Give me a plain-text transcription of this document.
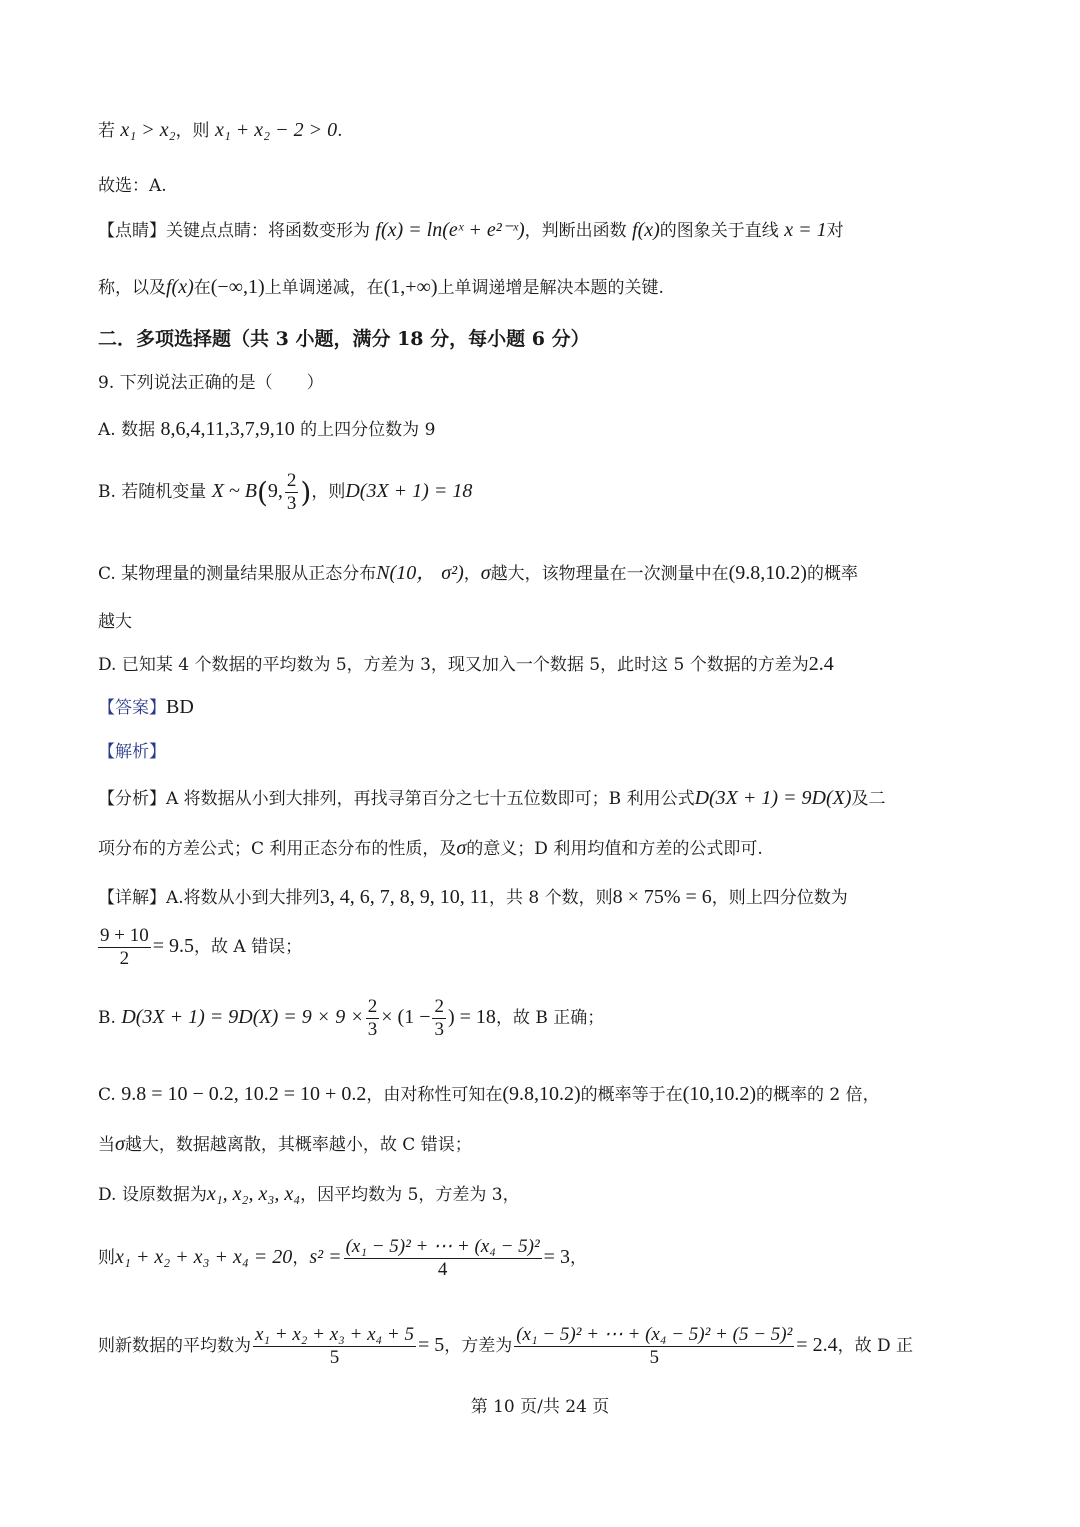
若 x₁ > x₂，则 x₁ + x₂ − 2 > 0.
故选：A.
【点睛】关键点点睛：将函数变形为 f(x) = ln(eˣ + e²⁻ˣ)，判断出函数 f(x)的图象关于直线 x = 1对
称，以及f(x)在(−∞,1)上单调递减，在(1,+∞)上单调递增是解决本题的关键.
二．多项选择题（共 3 小题，满分 18 分，每小题 6 分）
9. 下列说法正确的是（　　）
A. 数据 8,6,4,11,3,7,9,10 的上四分位数为 9
B. 若随机变量 X ~ B(9, $\frac{2}{3}$ )，则D(3X + 1) = 18
C. 某物理量的测量结果服从正态分布N(10， σ²)，σ越大，该物理量在一次测量中在(9.8,10.2)的概率
越大
D. 已知某 4 个数据的平均数为 5，方差为 3，现又加入一个数据 5，此时这 5 个数据的方差为2.4
【答案】BD
【解析】
【分析】A 将数据从小到大排列，再找寻第百分之七十五位数即可；B 利用公式D(3X + 1) = 9D(X)及二
项分布的方差公式；C 利用正态分布的性质，及σ的意义；D 利用均值和方差的公式即可.
【详解】A.将数从小到大排列3, 4, 6, 7, 8, 9, 10, 11，共 8 个数，则8 × 75% = 6，则上四分位数为
$\frac{9 + 10}{2} = 9.5$，故 A 错误；
B. $D(3X + 1) = 9D(X) = 9 \times 9 \times \frac{2}{3} \times (1 - \frac{2}{3}$ ) = 18，故 B 正确；
C. 9.8 = 10 − 0.2, 10.2 = 10 + 0.2，由对称性可知在(9.8,10.2)的概率等于在(10,10.2)的概率的 2 倍，
当σ越大，数据越离散，其概率越小，故 C 错误；
D. 设原数据为x₁, x₂, x₃, x₄，因平均数为 5，方差为 3，
则x₁ + x₂ + x₃ + x₄ = 20，$s^2 = \frac{\text{(x₁ − 5)² + ⋯ + (x₄ − 5)²}}{4} = 3$，
则新数据的平均数为 $\frac{\text{x₁ + x₂ + x₃ + x₄ + 5}}{5} = 5$，方差为 $\frac{\text{(x₁ − 5)² + ⋯ + (x₄ − 5)² + (5 − 5)²}}{5} = 2.4$，故 D 正
第 10 页/共 24 页
